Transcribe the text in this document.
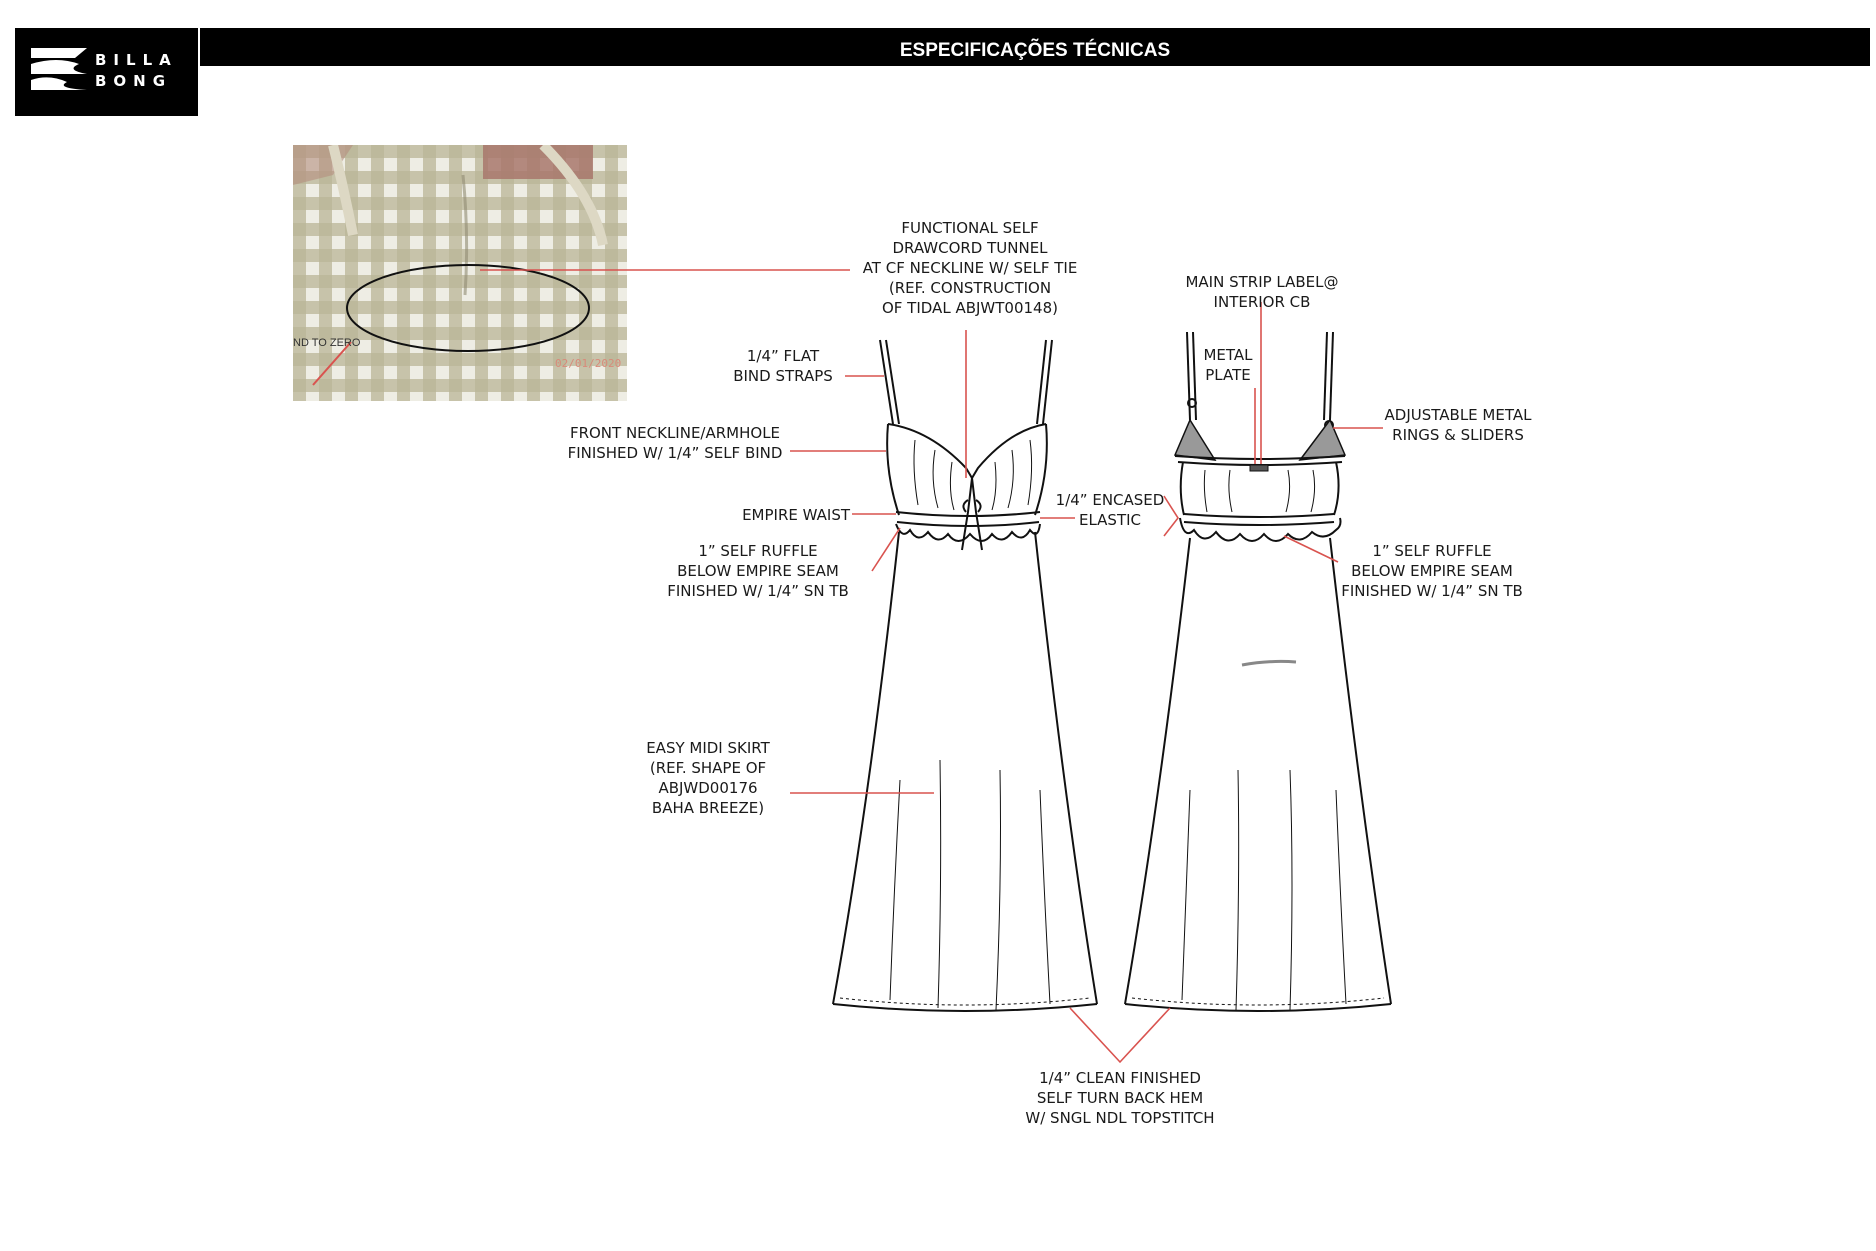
BILLA
BONG
ESPECIFICAÇÕES TÉCNICAS
ND TO ZERO
02/01/2020
FUNCTIONAL SELF
DRAWCORD TUNNEL
AT CF NECKLINE W/ SELF TIE
(REF. CONSTRUCTION
OF TIDAL ABJWT00148)
1/4” FLAT
BIND STRAPS
FRONT NECKLINE/ARMHOLE
FINISHED W/ 1/4” SELF BIND
EMPIRE WAIST
1” SELF RUFFLE
BELOW EMPIRE SEAM
FINISHED W/ 1/4” SN TB
EASY MIDI SKIRT
(REF. SHAPE OF
ABJWD00176
BAHA BREEZE)
1/4” CLEAN FINISHED
SELF TURN BACK HEM
W/ SNGL NDL TOPSTITCH
1/4” ENCASED
ELASTIC
MAIN STRIP LABEL@
INTERIOR CB
METAL
PLATE
ADJUSTABLE METAL
RINGS & SLIDERS
1” SELF RUFFLE
BELOW EMPIRE SEAM
FINISHED W/ 1/4” SN TB
